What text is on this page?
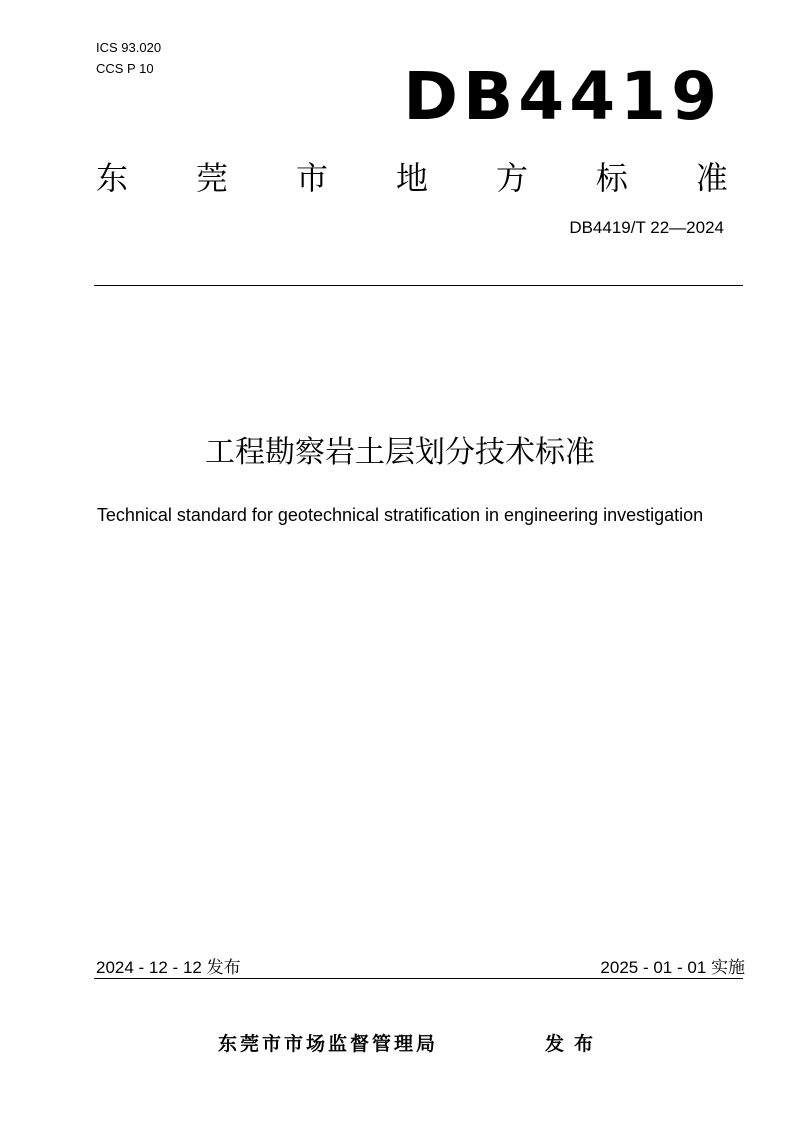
ICS 93.020
CCS P 10	DB4419
东 莞 市 地 方 标 准
DB4419/T 22—2024
工程勘察岩土层划分技术标准
Technical standard for geotechnical stratification in engineering investigation
2024 - 12 - 12 发布	2025 - 01 - 01 实施
东莞市市场监督管理局	发布
